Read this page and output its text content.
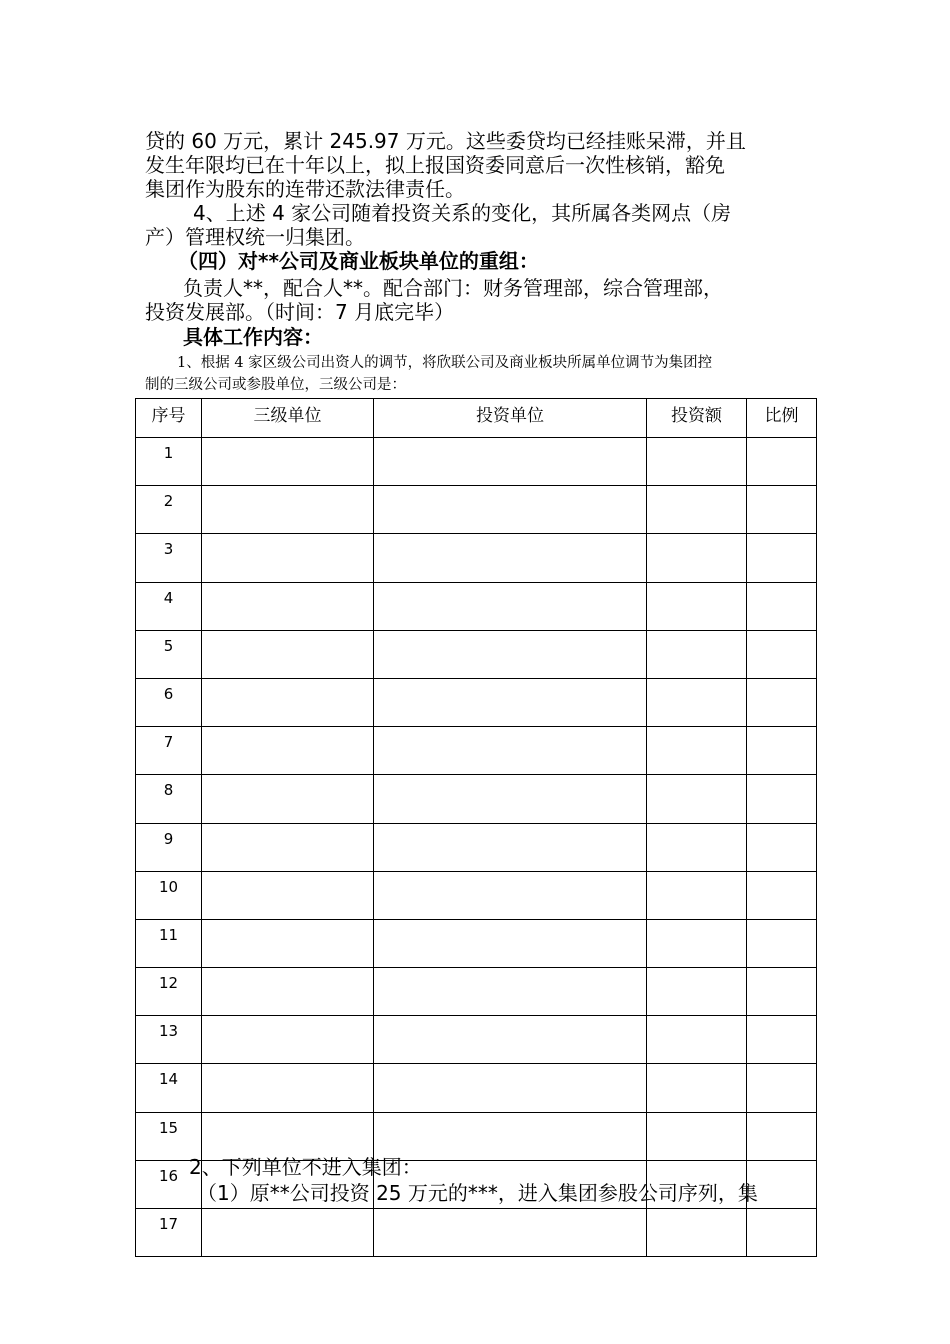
贷的 60 万元，累计 245.97 万元。这些委贷均已经挂账呆滞，并且

发生年限均已在十年以上，拟上报国资委同意后一次性核销，豁免

集团作为股东的连带还款法律责任。

4、上述 4 家公司随着投资关系的变化，其所属各类网点（房

产）管理权统一归集团。

（四）对**公司及商业板块单位的重组：

负责人**，配合人**。配合部门：财务管理部，综合管理部，

投资发展部。（时间：7 月底完毕）

具体工作内容：

1、根据 4 家区级公司出资人的调节，将欣联公司及商业板块所属单位调节为集团控

制的三级公司或参股单位，三级公司是：

序号	三级单位	投资单位	投资额	比例
1				
2				
3				
4				
5				
6				
7				
8				
9				
10				
11				
12				
13				
14				
15				
16				
17				

2、下列单位不进入集团：

（1）原**公司投资 25 万元的***，进入集团参股公司序列，集
